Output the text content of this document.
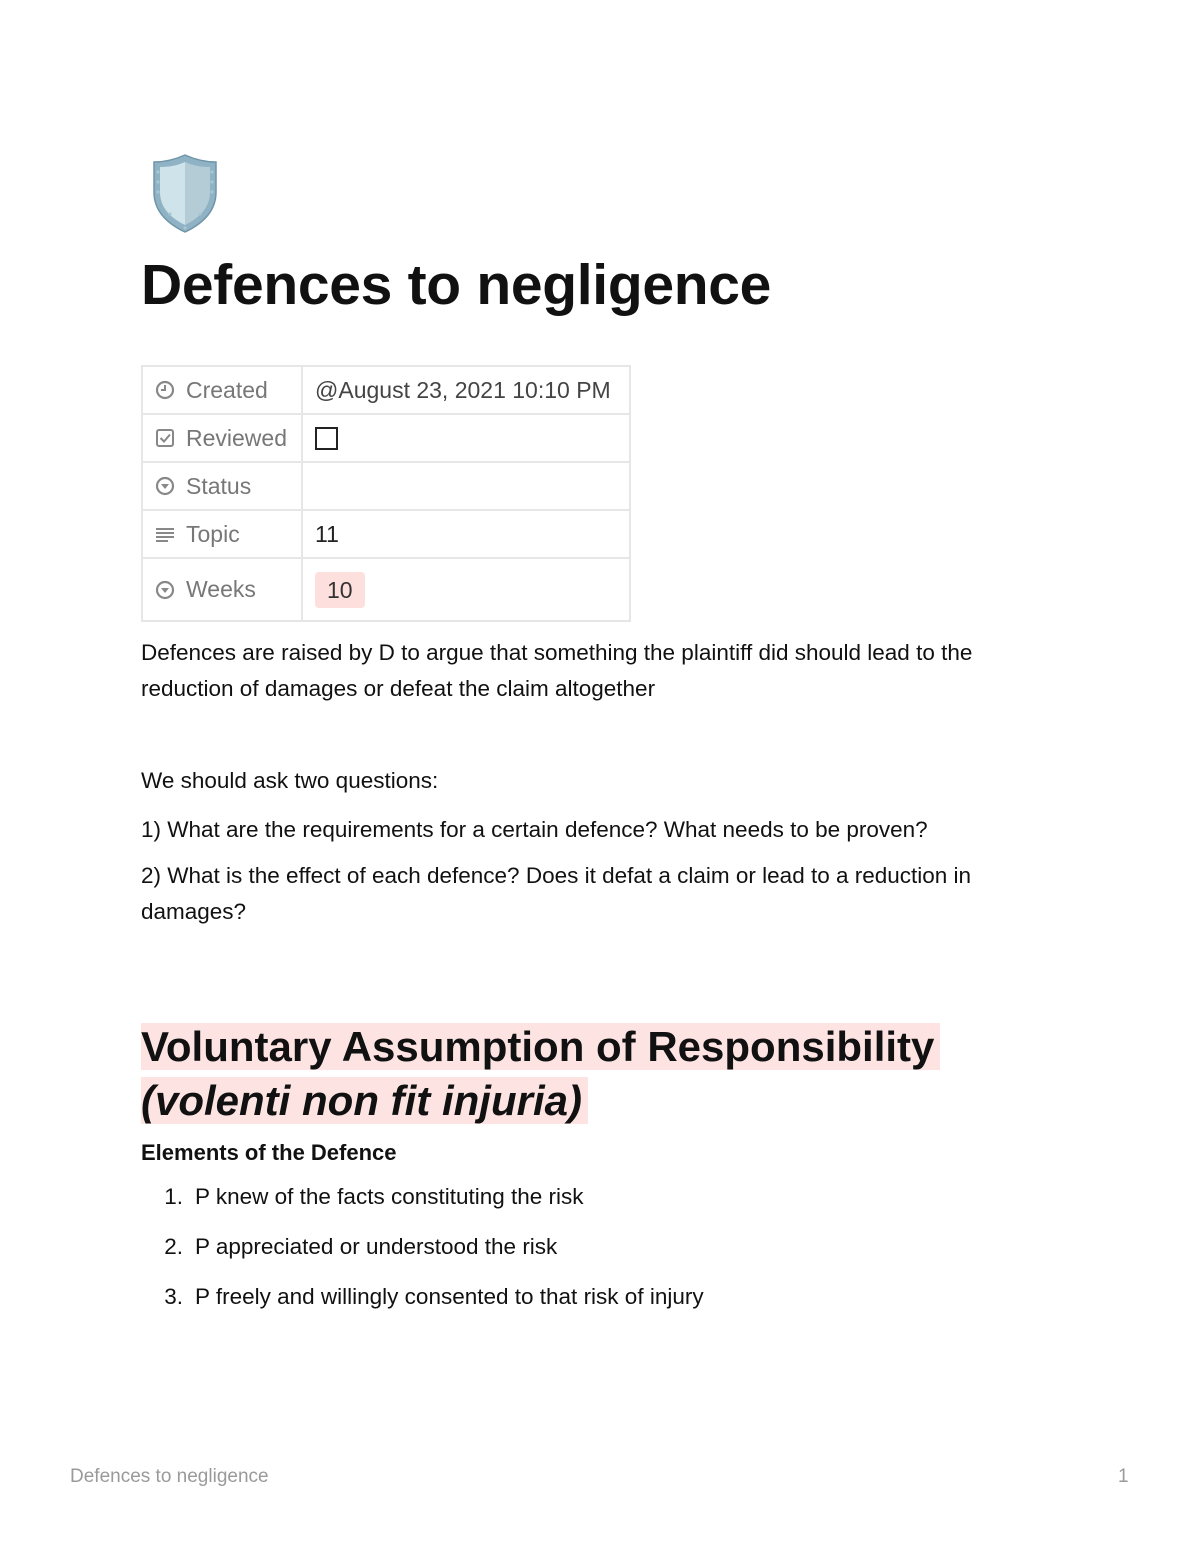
Defences to negligence
Created	@August 23, 2021 10:10 PM

Reviewed	

Status	

Topic	11

Weeks	10

Defences are raised by D to argue that something the plaintiff did should lead to the reduction of damages or defeat the claim altogether

We should ask two questions:

1) What are the requirements for a certain defence? What needs to be proven?

2) What is the effect of each defence? Does it defat a claim or lead to a reduction in damages?

Voluntary Assumption of Responsibility
(volenti non fit injuria)
Elements of the Defence
1. P knew of the facts constituting the risk
2. P appreciated or understood the risk
3. P freely and willingly consented to that risk of injury
Defences to negligence	1
